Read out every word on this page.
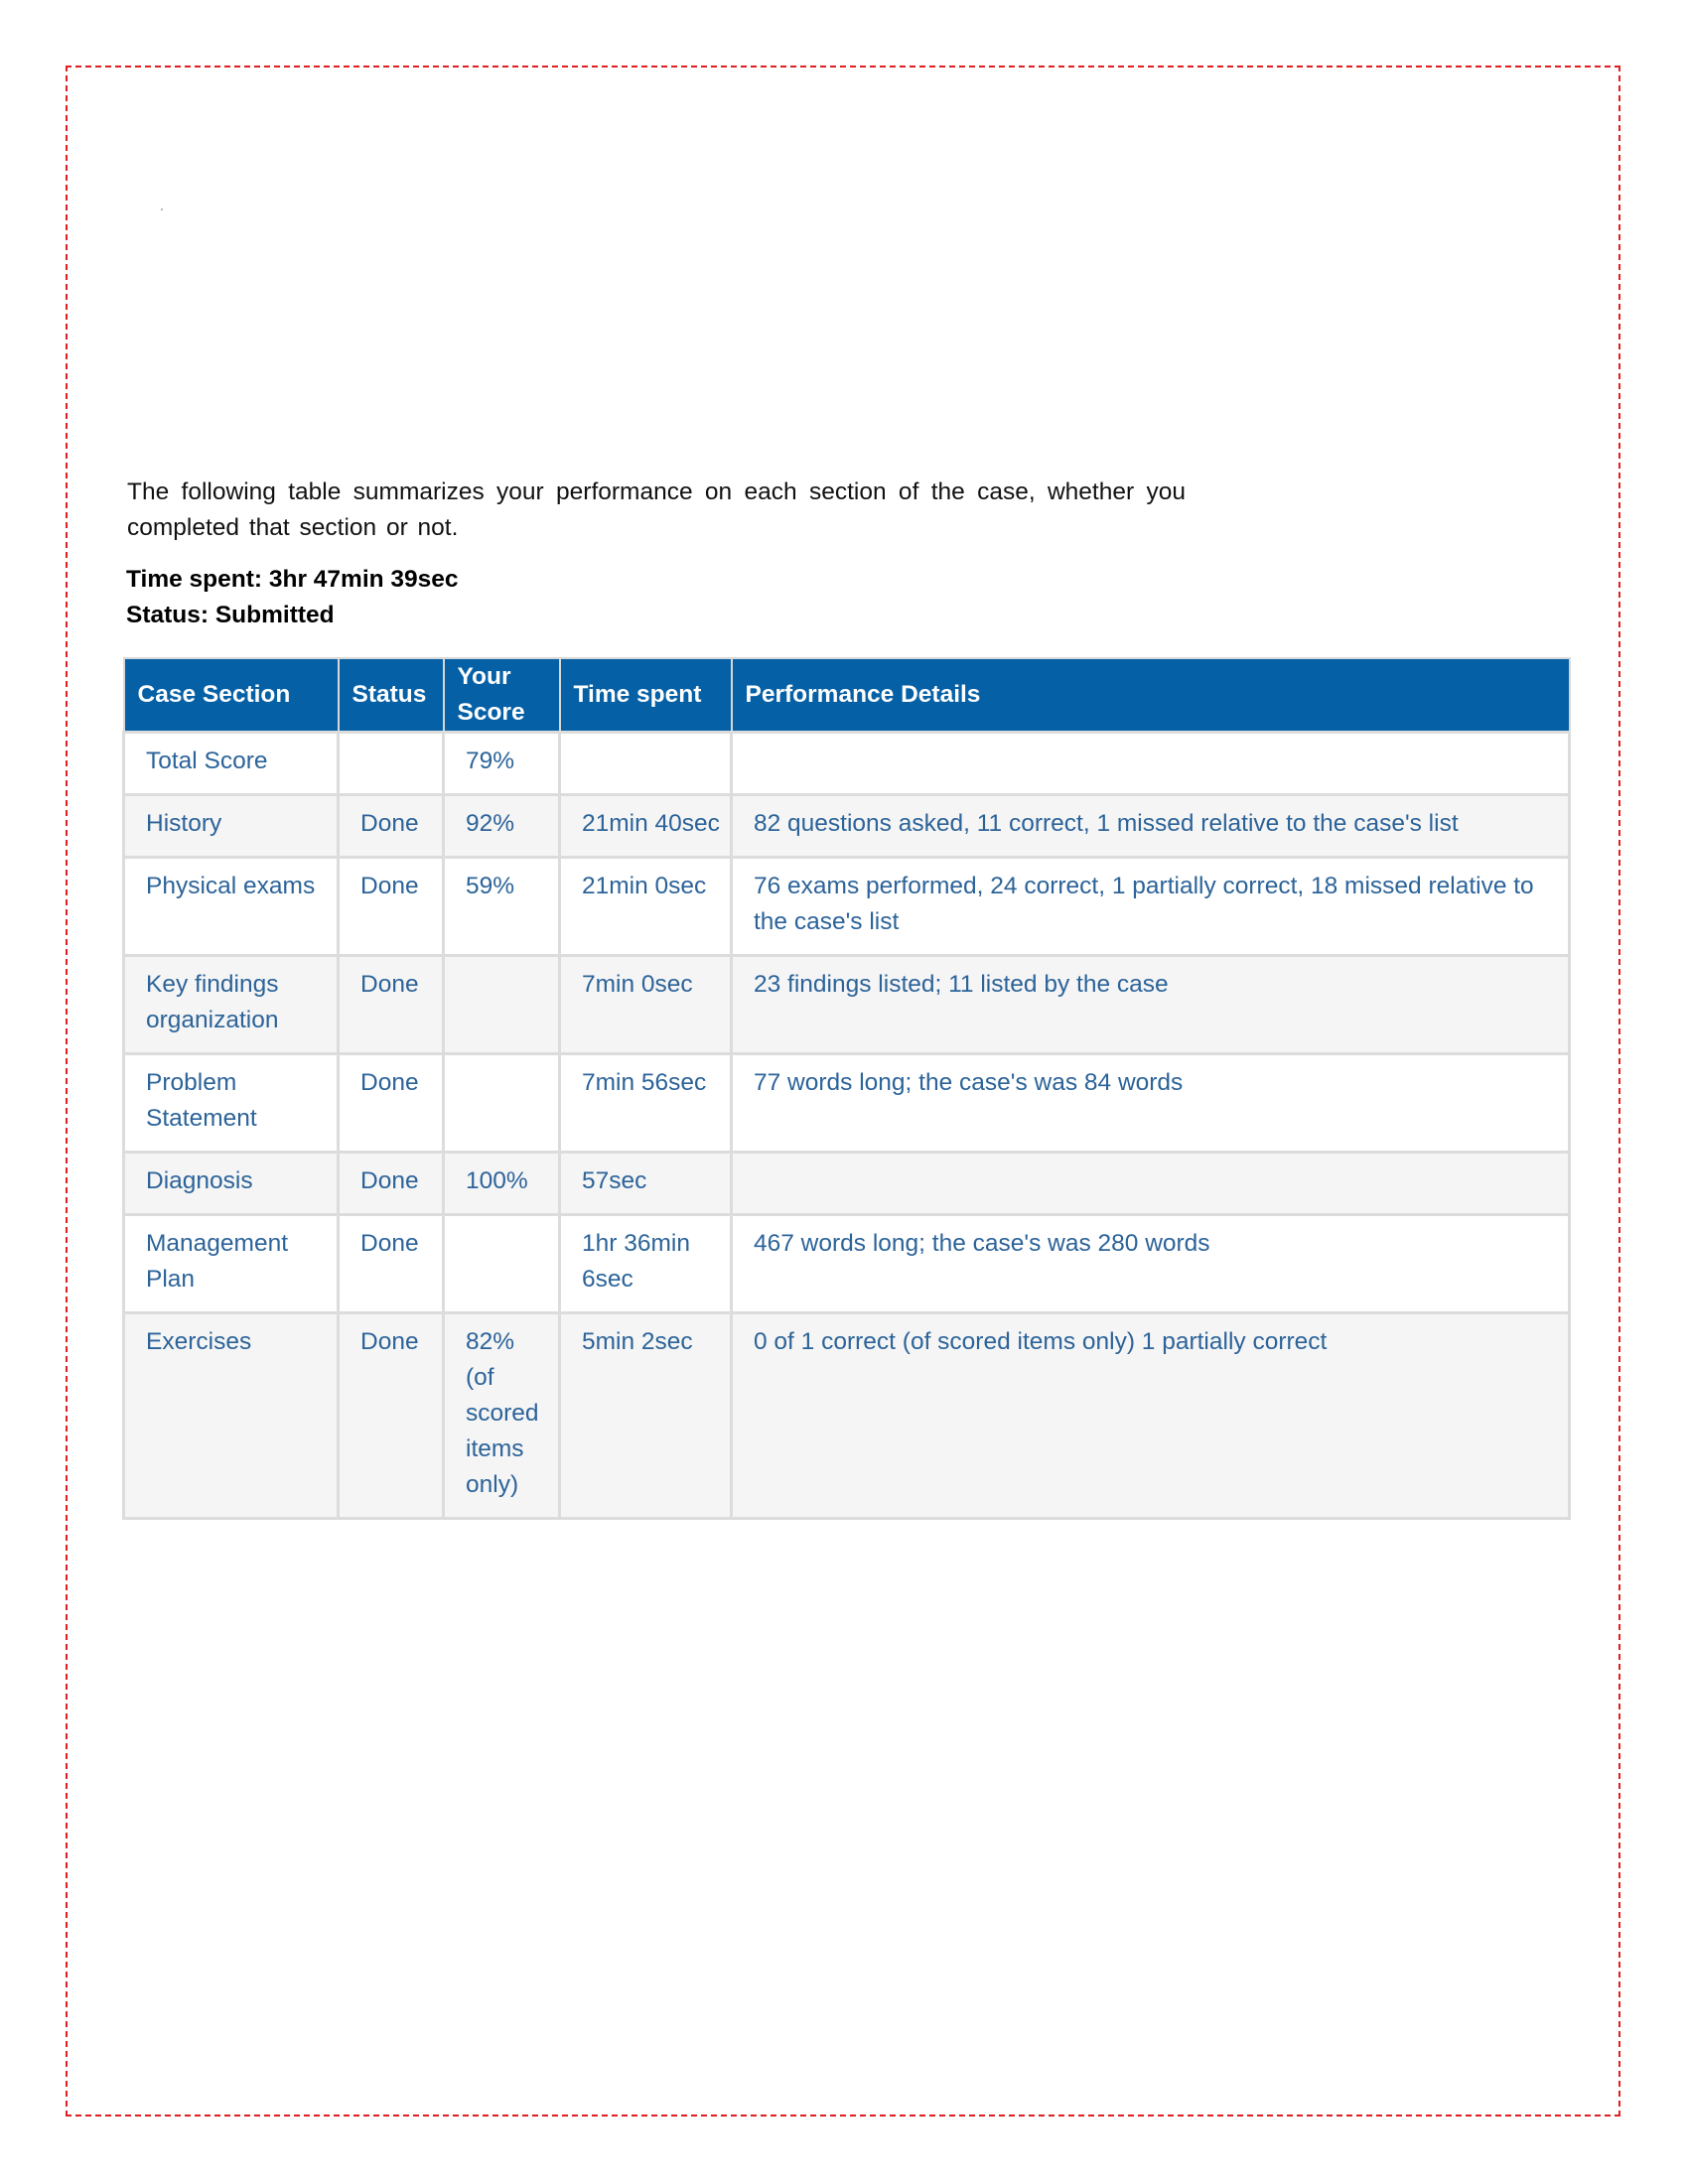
The following table summarizes your performance on each section of the case, whether you completed that section or not.

Time spent: 3hr 47min 39sec
Status: Submitted
Case Section	Status	Your Score	Time spent	Performance Details
Total Score		79%		
History	Done	92%	21min 40sec	82 questions asked, 11 correct, 1 missed relative to the case's list
Physical exams	Done	59%	21min 0sec	76 exams performed, 24 correct, 1 partially correct, 18 missed relative to the case's list
Key findings organization	Done		7min 0sec	23 findings listed; 11 listed by the case
Problem Statement	Done		7min 56sec	77 words long; the case's was 84 words
Diagnosis	Done	100%	57sec	
Management Plan	Done		1hr 36min 6sec	467 words long; the case's was 280 words
Exercises	Done	82% (of scored items only)	5min 2sec	0 of 1 correct (of scored items only) 1 partially correct
